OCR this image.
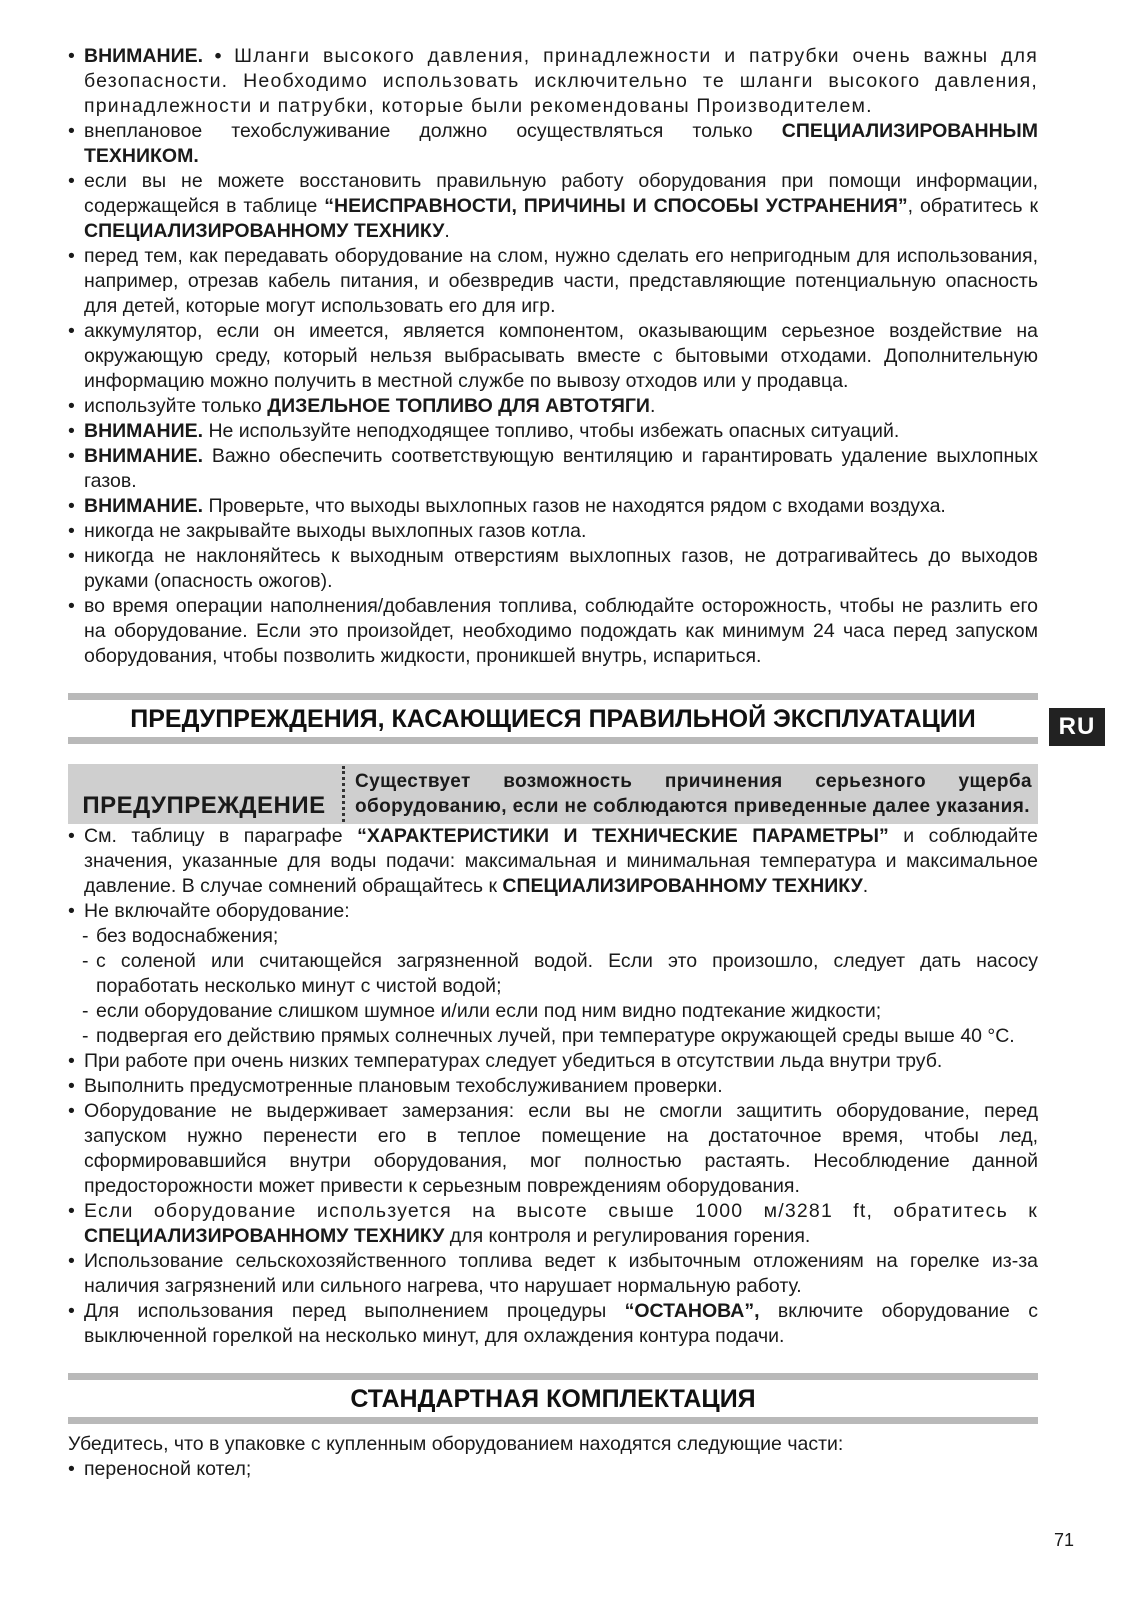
• ВНИМАНИЕ. • Шланги высокого давления, принадлежности и патрубки очень важны для безопасности. Необходимо использовать исключительно те шланги высокого давления, принадлежности и патрубки, которые были рекомендованы Производителем.
• внеплановое техобслуживание должно осуществляться только СПЕЦИАЛИЗИРОВАННЫМ ТЕХНИКОМ.
• если вы не можете восстановить правильную работу оборудования при помощи информации, содержащейся в таблице “НЕИСПРАВНОСТИ, ПРИЧИНЫ И СПОСОБЫ УСТРАНЕНИЯ”, обратитесь к СПЕЦИАЛИЗИРОВАННОМУ ТЕХНИКУ.
• перед тем, как передавать оборудование на слом, нужно сделать его непригодным для использования, например, отрезав кабель питания, и обезвредив части, представляющие потенциальную опасность для детей, которые могут использовать его для игр.
• аккумулятор, если он имеется, является компонентом, оказывающим серьезное воздействие на окружающую среду, который нельзя выбрасывать вместе с бытовыми отходами. Дополнительную информацию можно получить в местной службе по вывозу отходов или у продавца.
• используйте только ДИЗЕЛЬНОЕ ТОПЛИВО ДЛЯ АВТОТЯГИ.
• ВНИМАНИЕ. Не используйте неподходящее топливо, чтобы избежать опасных ситуаций.
• ВНИМАНИЕ. Важно обеспечить соответствующую вентиляцию и гарантировать удаление выхлопных газов.
• ВНИМАНИЕ. Проверьте, что выходы выхлопных газов не находятся рядом с входами воздуха.
• никогда не закрывайте выходы выхлопных газов котла.
• никогда не наклоняйтесь к выходным отверстиям выхлопных газов, не дотрагивайтесь до выходов руками (опасность ожогов).
• во время операции наполнения/добавления топлива, соблюдайте осторожность, чтобы не разлить его на оборудование. Если это произойдет, необходимо подождать как минимум 24 часа перед запуском оборудования, чтобы позволить жидкости, проникшей внутрь, испариться.
ПРЕДУПРЕЖДЕНИЯ, КАСАЮЩИЕСЯ ПРАВИЛЬНОЙ ЭКСПЛУАТАЦИИ
ПРЕДУПРЕЖДЕНИЕ
Существует возможность причинения серьезного ущерба оборудованию, если не соблюдаются приведенные далее указания.
• См. таблицу в параграфе “ХАРАКТЕРИСТИКИ И ТЕХНИЧЕСКИЕ ПАРАМЕТРЫ” и соблюдайте значения, указанные для воды подачи: максимальная и минимальная температура и максимальное давление. В случае сомнений обращайтесь к СПЕЦИАЛИЗИРОВАННОМУ ТЕХНИКУ.
• Не включайте оборудование:
- без водоснабжения;
- с соленой или считающейся загрязненной водой. Если это произошло, следует дать насосу поработать несколько минут с чистой водой;
- если оборудование слишком шумное и/или если под ним видно подтекание жидкости;
- подвергая его действию прямых солнечных лучей, при температуре окружающей среды выше 40 °C.
• При работе при очень низких температурах следует убедиться в отсутствии льда внутри труб.
• Выполнить предусмотренные плановым техобслуживанием проверки.
• Оборудование не выдерживает замерзания: если вы не смогли защитить оборудование, перед запуском нужно перенести его в теплое помещение на достаточное время, чтобы лед, сформировавшийся внутри оборудования, мог полностью растаять. Несоблюдение данной предосторожности может привести к серьезным повреждениям оборудования.
• Если оборудование используется на высоте свыше 1000 м/3281 ft, обратитесь к СПЕЦИАЛИЗИРОВАННОМУ ТЕХНИКУ для контроля и регулирования горения.
• Использование сельскохозяйственного топлива ведет к избыточным отложениям на горелке из-за наличия загрязнений или сильного нагрева, что нарушает нормальную работу.
• Для использования перед выполнением процедуры “ОСТАНОВА”, включите оборудование с выключенной горелкой на несколько минут, для охлаждения контура подачи.
СТАНДАРТНАЯ КОМПЛЕКТАЦИЯ
Убедитесь, что в упаковке с купленным оборудованием находятся следующие части:
• переносной котел;
RU
71
